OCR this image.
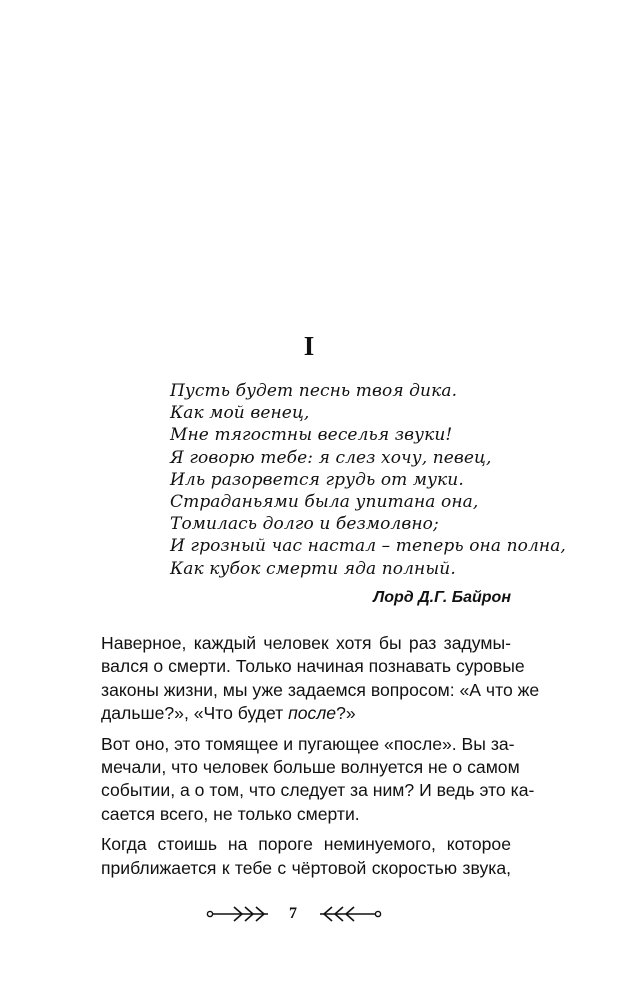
I
Пусть будет песнь твоя дика.
Как мой венец,
Мне тягостны веселья звуки!
Я говорю тебе: я слез хочу, певец,
Иль разорвется грудь от муки.
Страданьями была упитана она,
Томилась долго и безмолвно;
И грозный час настал – теперь она полна,
Как кубок смерти яда полный.
Лорд Д.Г. Байрон
Наверное, каждый человек хотя бы раз задумы-
вался о смерти. Только начиная познавать суровые
законы жизни, мы уже задаемся вопросом: «А что же
дальше?», «Что будет после?»
Вот оно, это томящее и пугающее «после». Вы за-
мечали, что человек больше волнуется не о самом
событии, а о том, что следует за ним? И ведь это ка-
сается всего, не только смерти.
Когда стоишь на пороге неминуемого, которое
приближается к тебе с чёртовой скоростью звука,
7
